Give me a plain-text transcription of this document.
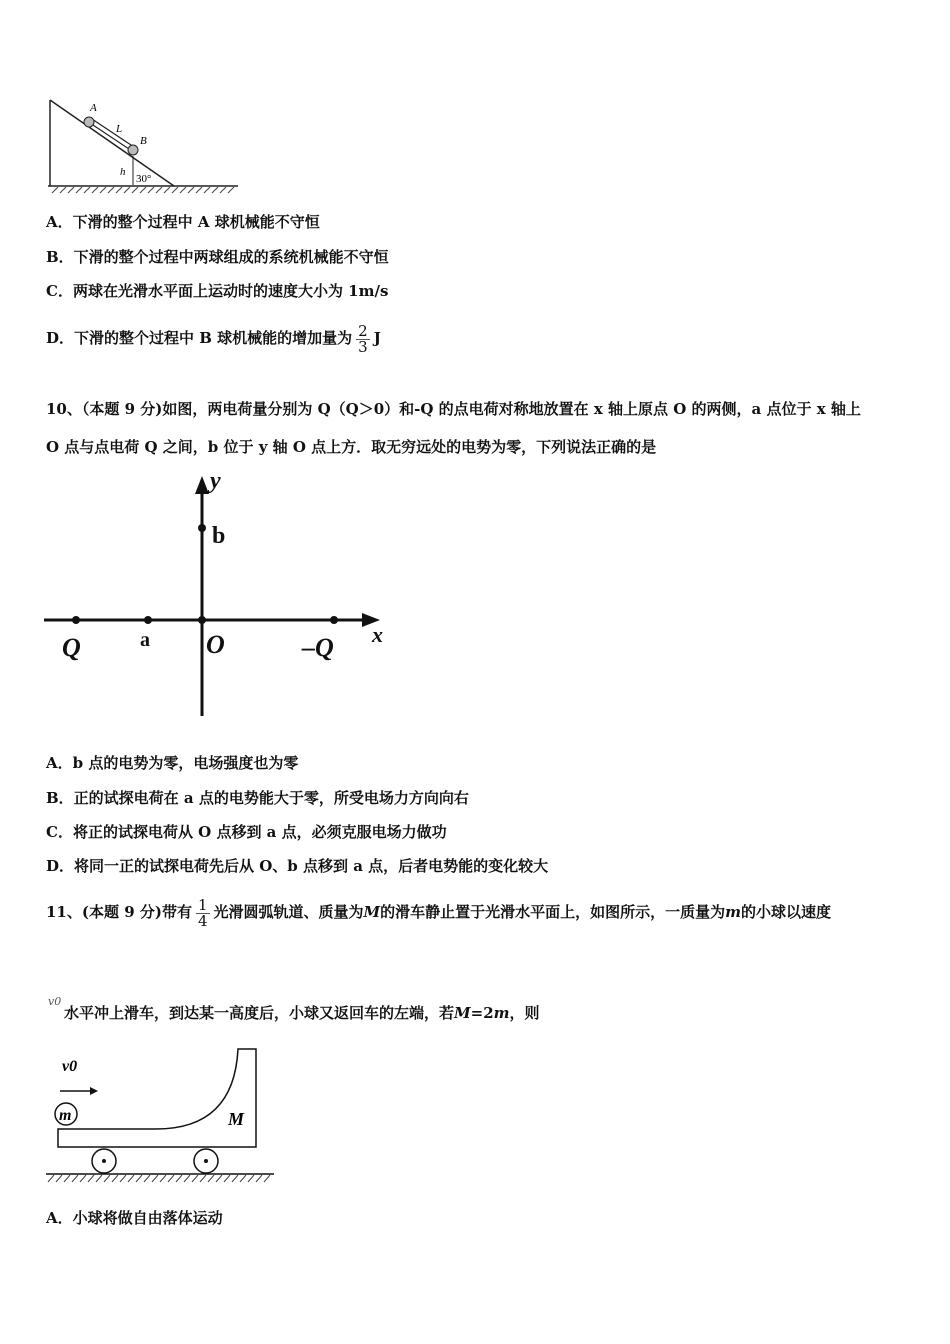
A
L
B
h
30°
A．下滑的整个过程中 A 球机械能不守恒
B．下滑的整个过程中两球组成的系统机械能不守恒
C．两球在光滑水平面上运动时的速度大小为 1m/s
D．下滑的整个过程中 B 球机械能的增加量为 $\frac{2}{3}$ J
10、（本题 9 分)如图，两电荷量分别为 Q（Q＞0）和-Q 的点电荷对称地放置在 x 轴上原点 O 的两侧，a 点位于 x 轴上
O 点与点电荷 Q 之间，b 位于 y 轴 O 点上方．取无穷远处的电势为零，下列说法正确的是
y
b
Q	a O	–Q x
A．b 点的电势为零，电场强度也为零
B．正的试探电荷在 a 点的电势能大于零，所受电场力方向向右
C．将正的试探电荷从 O 点移到 a 点，必须克服电场力做功
D．将同一正的试探电荷先后从 O、b 点移到 a 点，后者电势能的变化较大
11、(本题 9 分)带有 $\frac{1}{4}$ 光滑圆弧轨道、质量为M的滑车静止置于光滑水平面上，如图所示，一质量为m的小球以速度
v0
水平冲上滑车，到达某一高度后，小球又返回车的左端，若M=2m，则
v0
m	M
A．小球将做自由落体运动
